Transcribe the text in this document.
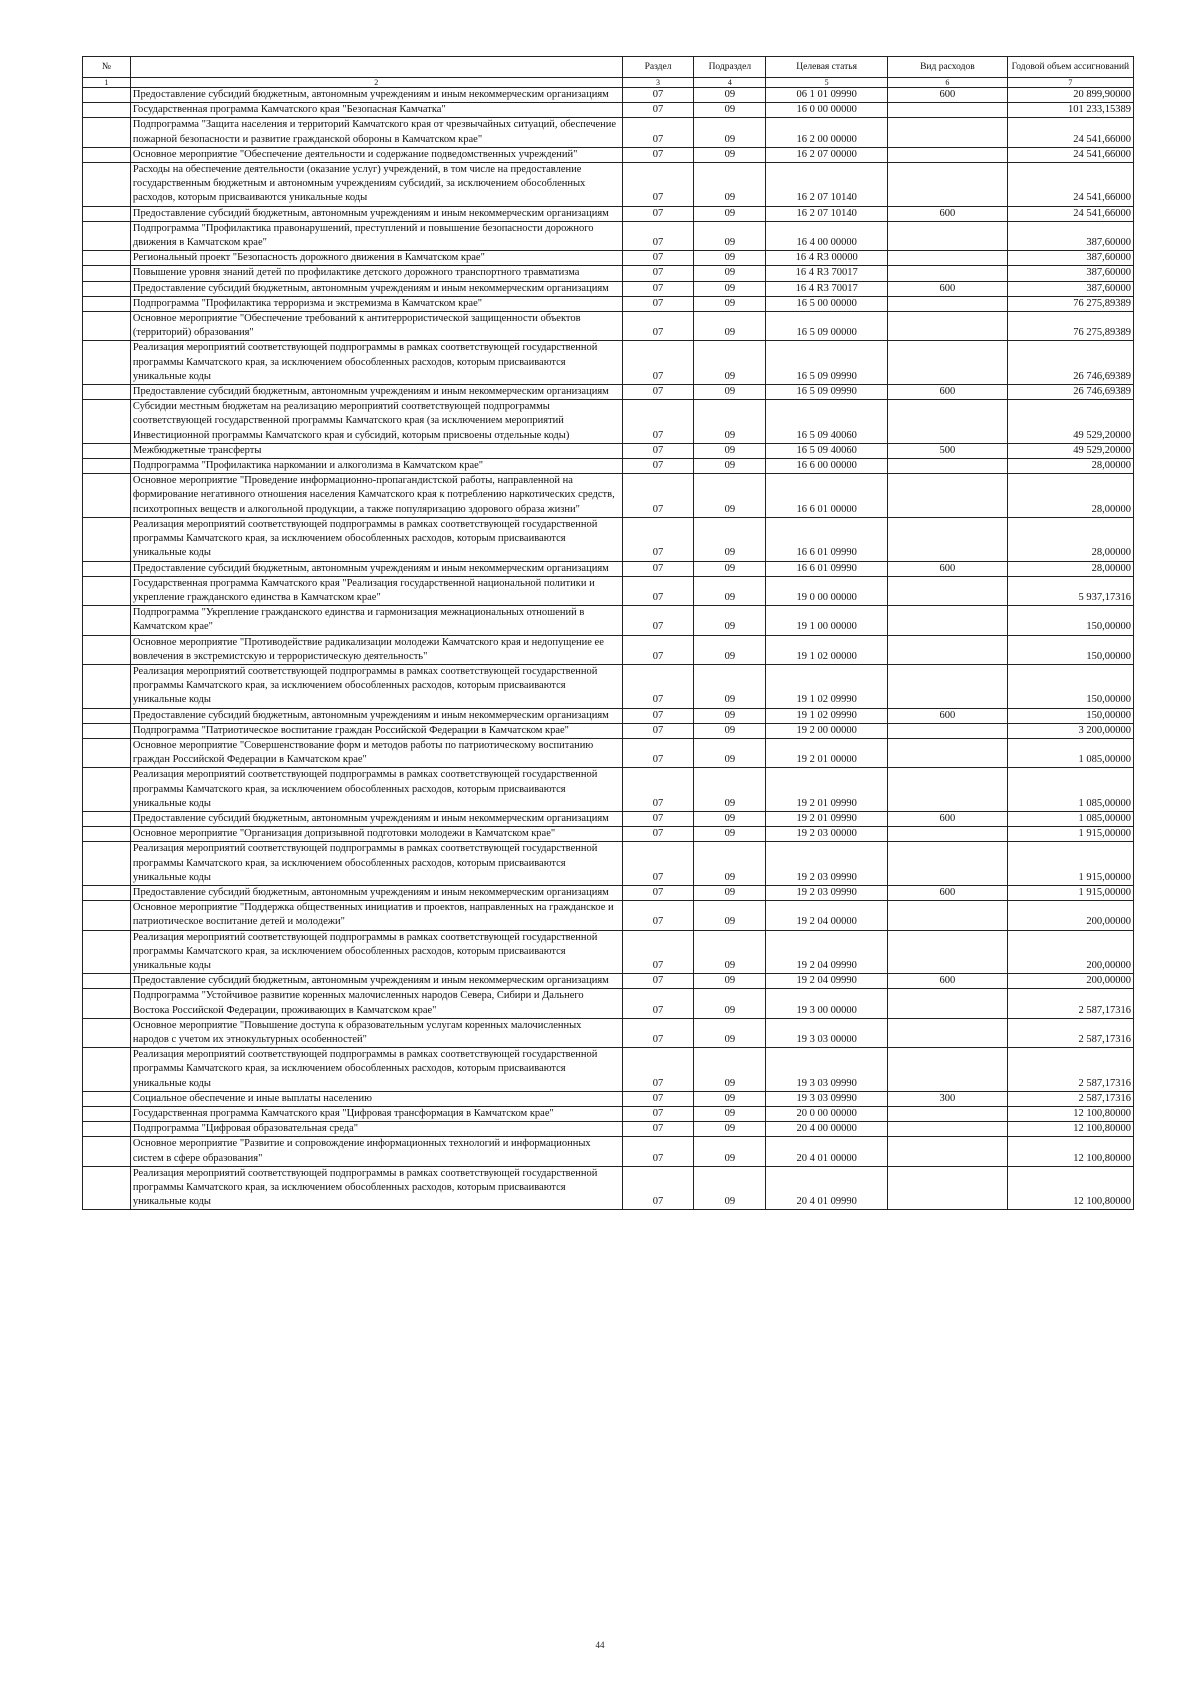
№		Раздел	Подраздел	Целевая статья	Вид расходов	Годовой объем ассигнований
1	2	3	4	5	6	7
	Предоставление субсидий бюджетным, автономным учреждениям и иным некоммерческим организациям	07	09	06 1 01 09990	600	20 899,90000
	Государственная программа Камчатского края "Безопасная Камчатка"	07	09	16 0 00 00000		101 233,15389
	Подпрограмма "Защита населения и территорий Камчатского края от чрезвычайных ситуаций, обеспечение пожарной безопасности и развитие гражданской обороны в Камчатском крае"	07	09	16 2 00 00000		24 541,66000
	Основное мероприятие "Обеспечение деятельности и содержание подведомственных учреждений"	07	09	16 2 07 00000		24 541,66000
	Расходы на обеспечение деятельности (оказание услуг) учреждений, в том числе на предоставление государственным бюджетным и автономным учреждениям субсидий, за исключением обособленных расходов, которым присваиваются уникальные коды	07	09	16 2 07 10140		24 541,66000
	Предоставление субсидий бюджетным, автономным учреждениям и иным некоммерческим организациям	07	09	16 2 07 10140	600	24 541,66000
	Подпрограмма "Профилактика правонарушений, преступлений и повышение безопасности дорожного движения в Камчатском крае"	07	09	16 4 00 00000		387,60000
	Региональный проект "Безопасность дорожного движения в Камчатском крае"	07	09	16 4 R3 00000		387,60000
	Повышение уровня знаний детей по профилактике детского дорожного транспортного травматизма	07	09	16 4 R3 70017		387,60000
	Предоставление субсидий бюджетным, автономным учреждениям и иным некоммерческим организациям	07	09	16 4 R3 70017	600	387,60000
	Подпрограмма "Профилактика терроризма и экстремизма в Камчатском крае"	07	09	16 5 00 00000		76 275,89389
	Основное мероприятие "Обеспечение требований к антитеррористической защищенности объектов (территорий) образования"	07	09	16 5 09 00000		76 275,89389
	Реализация мероприятий соответствующей подпрограммы в рамках соответствующей государственной программы Камчатского края, за исключением обособленных расходов, которым присваиваются уникальные коды	07	09	16 5 09 09990		26 746,69389
	Предоставление субсидий бюджетным, автономным учреждениям и иным некоммерческим организациям	07	09	16 5 09 09990	600	26 746,69389
	Субсидии местным бюджетам на реализацию мероприятий соответствующей подпрограммы соответствующей государственной программы Камчатского края (за исключением мероприятий Инвестиционной программы Камчатского края и субсидий, которым присвоены отдельные коды)	07	09	16 5 09 40060		49 529,20000
	Межбюджетные трансферты	07	09	16 5 09 40060	500	49 529,20000
	Подпрограмма "Профилактика наркомании и алкоголизма в Камчатском крае"	07	09	16 6 00 00000		28,00000
	Основное мероприятие "Проведение информационно-пропагандистской работы, направленной на формирование негативного отношения населения Камчатского края к потреблению наркотических средств, психотропных веществ и алкогольной продукции, а также популяризацию здорового образа жизни"	07	09	16 6 01 00000		28,00000
	Реализация мероприятий соответствующей подпрограммы в рамках соответствующей государственной программы Камчатского края, за исключением обособленных расходов, которым присваиваются уникальные коды	07	09	16 6 01 09990		28,00000
	Предоставление субсидий бюджетным, автономным учреждениям и иным некоммерческим организациям	07	09	16 6 01 09990	600	28,00000
	Государственная программа Камчатского края "Реализация государственной национальной политики и укрепление гражданского единства в Камчатском крае"	07	09	19 0 00 00000		5 937,17316
	Подпрограмма "Укрепление гражданского единства и гармонизация межнациональных отношений в Камчатском крае"	07	09	19 1 00 00000		150,00000
	Основное мероприятие "Противодействие радикализации молодежи Камчатского края и недопущение ее вовлечения в экстремистскую и террористическую деятельность"	07	09	19 1 02 00000		150,00000
	Реализация мероприятий соответствующей подпрограммы в рамках соответствующей государственной программы Камчатского края, за исключением обособленных расходов, которым присваиваются уникальные коды	07	09	19 1 02 09990		150,00000
	Предоставление субсидий бюджетным, автономным учреждениям и иным некоммерческим организациям	07	09	19 1 02 09990	600	150,00000
	Подпрограмма "Патриотическое воспитание граждан Российской Федерации в Камчатском крае"	07	09	19 2 00 00000		3 200,00000
	Основное мероприятие "Совершенствование форм и методов работы по патриотическому воспитанию граждан Российской Федерации в Камчатском крае"	07	09	19 2 01 00000		1 085,00000
	Реализация мероприятий соответствующей подпрограммы в рамках соответствующей государственной программы Камчатского края, за исключением обособленных расходов, которым присваиваются уникальные коды	07	09	19 2 01 09990		1 085,00000
	Предоставление субсидий бюджетным, автономным учреждениям и иным некоммерческим организациям	07	09	19 2 01 09990	600	1 085,00000
	Основное мероприятие "Организация допризывной подготовки молодежи в Камчатском крае"	07	09	19 2 03 00000		1 915,00000
	Реализация мероприятий соответствующей подпрограммы в рамках соответствующей государственной программы Камчатского края, за исключением обособленных расходов, которым присваиваются уникальные коды	07	09	19 2 03 09990		1 915,00000
	Предоставление субсидий бюджетным, автономным учреждениям и иным некоммерческим организациям	07	09	19 2 03 09990	600	1 915,00000
	Основное мероприятие "Поддержка общественных инициатив и проектов, направленных на гражданское и патриотическое воспитание детей и молодежи"	07	09	19 2 04 00000		200,00000
	Реализация мероприятий соответствующей подпрограммы в рамках соответствующей государственной программы Камчатского края, за исключением обособленных расходов, которым присваиваются уникальные коды	07	09	19 2 04 09990		200,00000
	Предоставление субсидий бюджетным, автономным учреждениям и иным некоммерческим организациям	07	09	19 2 04 09990	600	200,00000
	Подпрограмма "Устойчивое развитие коренных малочисленных народов Севера, Сибири и Дальнего Востока Российской Федерации, проживающих в Камчатском крае"	07	09	19 3 00 00000		2 587,17316
	Основное мероприятие "Повышение доступа к образовательным услугам коренных малочисленных народов с учетом их этнокультурных особенностей"	07	09	19 3 03 00000		2 587,17316
	Реализация мероприятий соответствующей подпрограммы в рамках соответствующей государственной программы Камчатского края, за исключением обособленных расходов, которым присваиваются уникальные коды	07	09	19 3 03 09990		2 587,17316
	Социальное обеспечение и иные выплаты населению	07	09	19 3 03 09990	300	2 587,17316
	Государственная программа Камчатского края "Цифровая трансформация в Камчатском крае"	07	09	20 0 00 00000		12 100,80000
	Подпрограмма "Цифровая образовательная среда"	07	09	20 4 00 00000		12 100,80000
	Основное мероприятие "Развитие и сопровождение информационных технологий и информационных систем в сфере образования"	07	09	20 4 01 00000		12 100,80000
	Реализация мероприятий соответствующей подпрограммы в рамках соответствующей государственной программы Камчатского края, за исключением обособленных расходов, которым присваиваются уникальные коды	07	09	20 4 01 09990		12 100,80000
44
